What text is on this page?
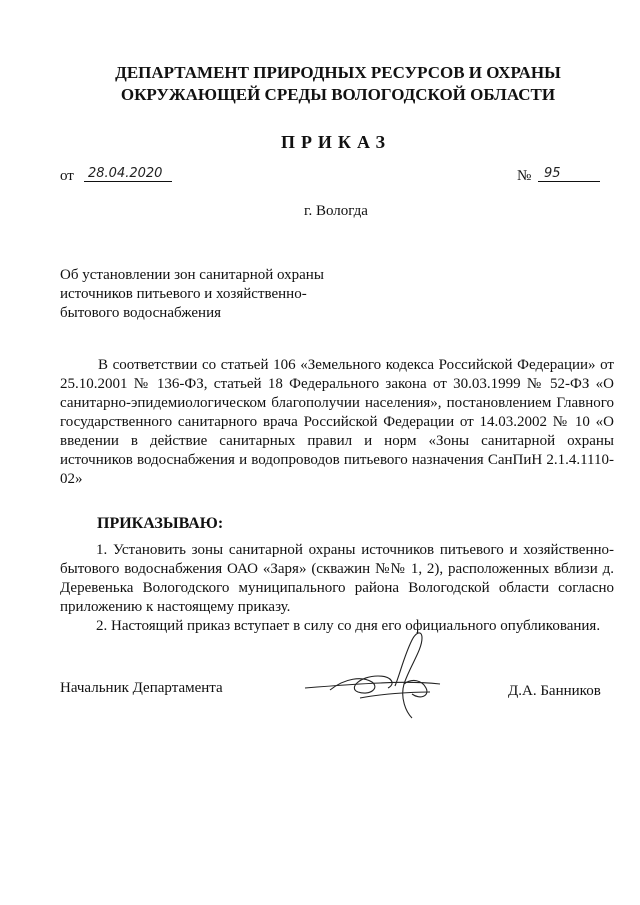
ДЕПАРТАМЕНТ ПРИРОДНЫХ РЕСУРСОВ И ОХРАНЫ
ОКРУЖАЮЩЕЙ СРЕДЫ ВОЛОГОДСКОЙ ОБЛАСТИ
ПРИКАЗ
от	28.04.2020	№ 95
г. Вологда
Об установлении зон санитарной охраны
источников питьевого и хозяйственно-
бытового водоснабжения

В соответствии со статьей 106 «Земельного кодекса Российской Федерации» от 25.10.2001 № 136-ФЗ, статьей 18 Федерального закона от 30.03.1999 № 52-ФЗ «О санитарно-эпидемиологическом благополучии населения», постановлением Главного государственного санитарного врача Российской Федерации от 14.03.2002 № 10 «О введении в действие санитарных правил и норм «Зоны санитарной охраны источников водоснабжения и водопроводов питьевого назначения СанПиН 2.1.4.1110-02»

ПРИКАЗЫВАЮ:

1. Установить зоны санитарной охраны источников питьевого и хозяйственно-бытового водоснабжения ОАО «Заря» (скважин №№ 1, 2), расположенных вблизи д. Деревенька Вологодского муниципального района Вологодской области согласно приложению к настоящему приказу.

2. Настоящий приказ вступает в силу со дня его официального опубликования.

Начальник Департамента	Д.А. Банников
